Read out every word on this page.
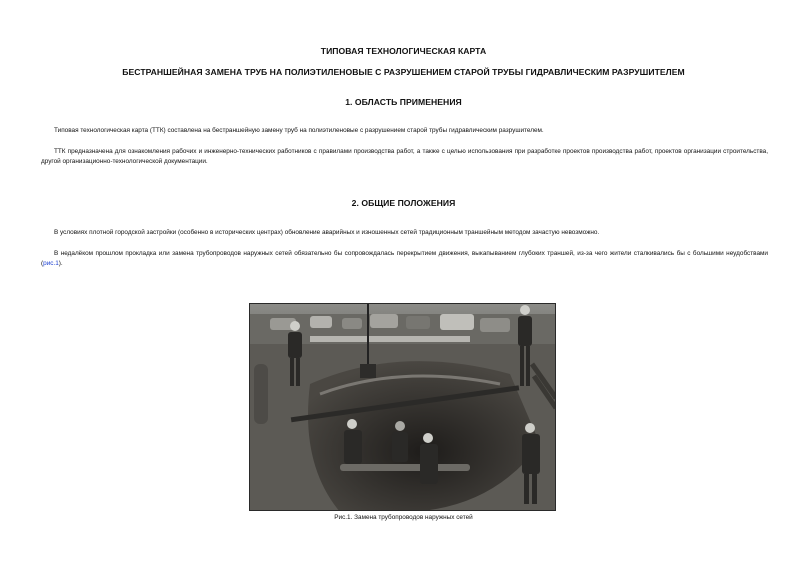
ТИПОВАЯ ТЕХНОЛОГИЧЕСКАЯ КАРТА
БЕСТРАНШЕЙНАЯ ЗАМЕНА ТРУБ НА ПОЛИЭТИЛЕНОВЫЕ С РАЗРУШЕНИЕМ СТАРОЙ ТРУБЫ ГИДРАВЛИЧЕСКИМ РАЗРУШИТЕЛЕМ
1. ОБЛАСТЬ ПРИМЕНЕНИЯ

Типовая технологическая карта (ТТК) составлена на бестраншейную замену труб на полиэтиленовые с разрушением старой трубы гидравлическим разрушителем.

ТТК предназначена для ознакомления рабочих и инженерно-технических работников с правилами производства работ, а также с целью использования при разработке проектов производства работ, проектов организации строительства, другой организационно-технологической документации.

2. ОБЩИЕ ПОЛОЖЕНИЯ

В условиях плотной городской застройки (особенно в исторических центрах) обновление аварийных и изношенных сетей традиционным траншейным методом зачастую невозможно.

В недалёком прошлом прокладка или замена трубопроводов наружных сетей обязательно бы сопровождалась перекрытием движения, выкапыванием глубоких траншей, из-за чего жители сталкивались бы с большими неудобствами (рис.1).

Рис.1. Замена трубопроводов наружных сетей
